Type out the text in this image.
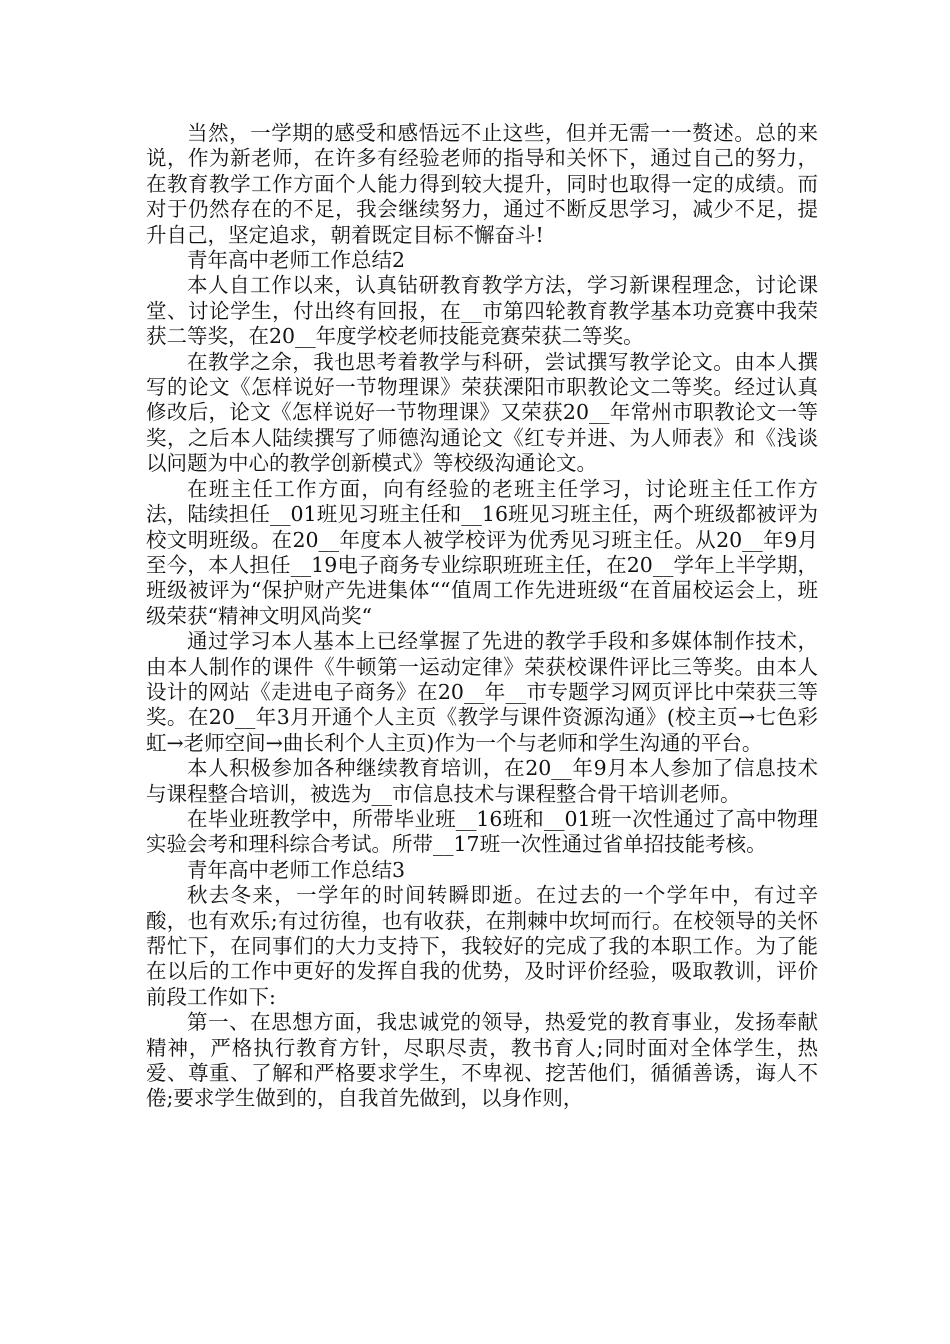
当然，一学期的感受和感悟远不止这些，但并无需一一赘述。总的来说，作为新老师，在许多有经验老师的指导和关怀下，通过自己的努力，在教育教学工作方面个人能力得到较大提升，同时也取得一定的成绩。而对于仍然存在的不足，我会继续努力，通过不断反思学习，减少不足，提升自己，坚定追求，朝着既定目标不懈奋斗!

青年高中老师工作总结2

本人自工作以来，认真钻研教育教学方法，学习新课程理念，讨论课堂、讨论学生，付出终有回报，在__市第四轮教育教学基本功竞赛中我荣获二等奖，在20__年度学校老师技能竞赛荣获二等奖。

在教学之余，我也思考着教学与科研，尝试撰写教学论文。由本人撰写的论文《怎样说好一节物理课》荣获溧阳市职教论文二等奖。经过认真修改后，论文《怎样说好一节物理课》又荣获20__年常州市职教论文一等奖，之后本人陆续撰写了师德沟通论文《红专并进、为人师表》和《浅谈以问题为中心的教学创新模式》等校级沟通论文。

在班主任工作方面，向有经验的老班主任学习，讨论班主任工作方法，陆续担任__01班见习班主任和__16班见习班主任，两个班级都被评为校文明班级。在20__年度本人被学校评为优秀见习班主任。从20__年9月至今，本人担任__19电子商务专业综职班班主任，在20__学年上半学期，班级被评为“保护财产先进集体““值周工作先进班级“在首届校运会上，班级荣获“精神文明风尚奖“

通过学习本人基本上已经掌握了先进的教学手段和多媒体制作技术，由本人制作的课件《牛顿第一运动定律》荣获校课件评比三等奖。由本人设计的网站《走进电子商务》在20__年__市专题学习网页评比中荣获三等奖。在20__年3月开通个人主页《教学与课件资源沟通》(校主页→七色彩虹→老师空间→曲长利个人主页)作为一个与老师和学生沟通的平台。

本人积极参加各种继续教育培训，在20__年9月本人参加了信息技术与课程整合培训，被选为__市信息技术与课程整合骨干培训老师。

在毕业班教学中，所带毕业班__16班和__01班一次性通过了高中物理实验会考和理科综合考试。所带__17班一次性通过省单招技能考核。

青年高中老师工作总结3

秋去冬来，一学年的时间转瞬即逝。在过去的一个学年中，有过辛酸，也有欢乐;有过彷徨，也有收获，在荆棘中坎坷而行。在校领导的关怀帮忙下，在同事们的大力支持下，我较好的完成了我的本职工作。为了能在以后的工作中更好的发挥自我的优势，及时评价经验，吸取教训，评价前段工作如下:

第一、在思想方面，我忠诚党的领导，热爱党的教育事业，发扬奉献精神，严格执行教育方针，尽职尽责，教书育人;同时面对全体学生，热爱、尊重、了解和严格要求学生，不卑视、挖苦他们，循循善诱，诲人不倦;要求学生做到的，自我首先做到，以身作则，
